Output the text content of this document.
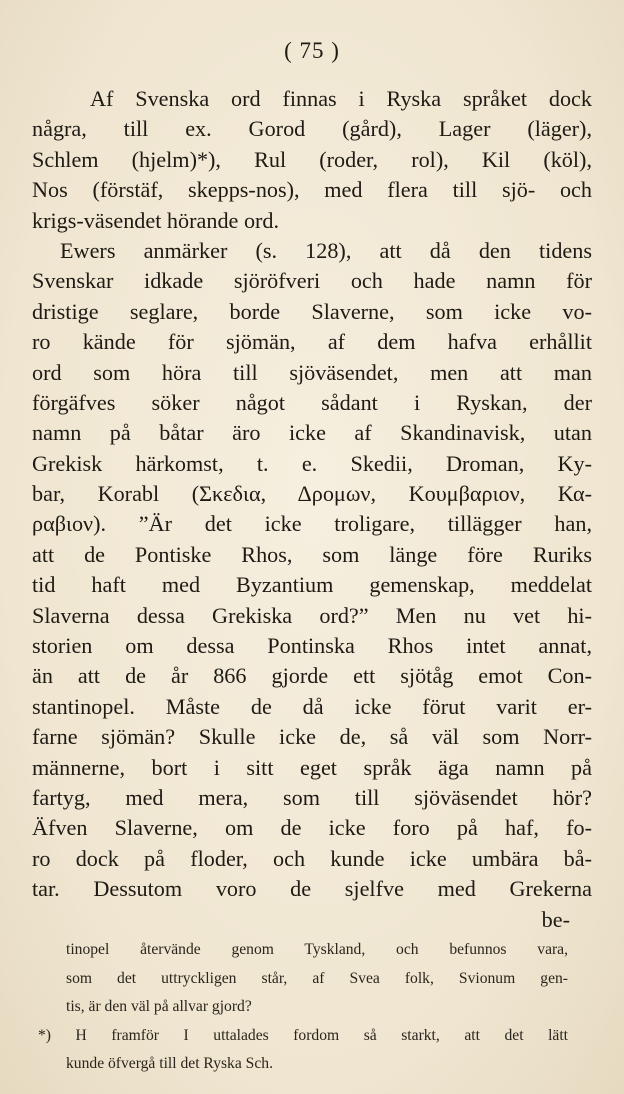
( 75 )
Af Svenska ord finnas i Ryska språket dock
några, till ex. Gorod (gård), Lager (läger),
Schlem (hjelm)*), Rul (roder, rol), Kil (köl),
Nos (förstäf, skepps-nos), med flera till sjö- och
krigs-väsendet hörande ord.
Ewers anmärker (s. 128), att då den tidens
Svenskar idkade sjöröfveri och hade namn för
dristige seglare, borde Slaverne, som icke vo-
ro kände för sjömän, af dem hafva erhållit
ord som höra till sjöväsendet, men att man
förgäfves söker något sådant i Ryskan, der
namn på båtar äro icke af Skandinavisk, utan
Grekisk härkomst, t. e. Skedii, Droman, Ky-
bar, Korabl (Σκεδια, Δρομων, Κουμβαριον, Κα-
ραβιον). ”Är det icke troligare, tillägger han,
att de Pontiske Rhos, som länge före Ruriks
tid haft med Byzantium gemenskap, meddelat
Slaverna dessa Grekiska ord?” Men nu vet hi-
storien om dessa Pontinska Rhos intet annat,
än att de år 866 gjorde ett sjötåg emot Con-
stantinopel. Måste de då icke förut varit er-
farne sjömän? Skulle icke de, så väl som Norr-
männerne, bort i sitt eget språk äga namn på
fartyg, med mera, som till sjöväsendet hör?
Äfven Slaverne, om de icke foro på haf, fo-
ro dock på floder, och kunde icke umbära bå-
tar. Dessutom voro de sjelfve med Grekerna
be-
tinopel återvände genom Tyskland, och befunnos vara,
som det uttryckligen står, af Svea folk, Svionum gen-
tis, är den väl på allvar gjord?
*) H framför I uttalades fordom så starkt, att det lätt
kunde öfvergå till det Ryska Sch.
